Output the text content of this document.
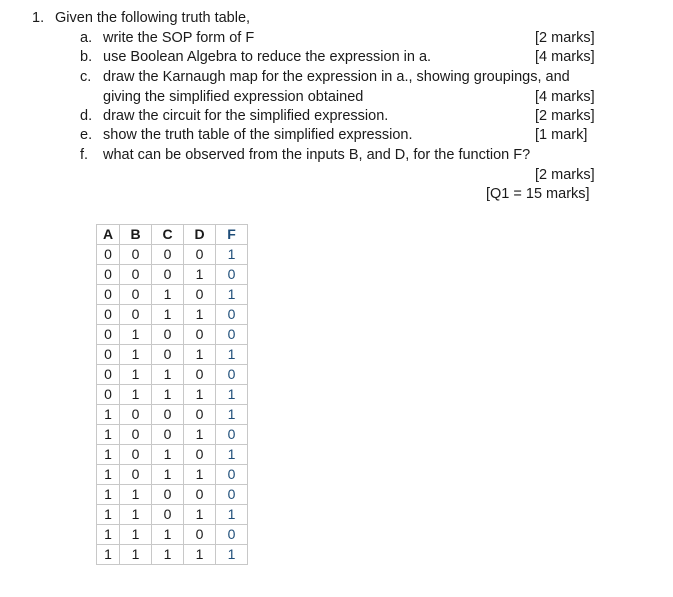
1. Given the following truth table,
a. write the SOP form of F	[2 marks]
b. use Boolean Algebra to reduce the expression in a.	[4 marks]
c. draw the Karnaugh map for the expression in a., showing groupings, and
giving the simplified expression obtained	[4 marks]
d. draw the circuit for the simplified expression.	[2 marks]
e. show the truth table of the simplified expression.	[1 mark]
f. what can be observed from the inputs B, and D, for the function F?
[2 marks]
[Q1 = 15 marks]
A	B	C	D	F
0	0	0	0	1
0	0	0	1	0
0	0	1	0	1
0	0	1	1	0
0	1	0	0	0
0	1	0	1	1
0	1	1	0	0
0	1	1	1	1
1	0	0	0	1
1	0	0	1	0
1	0	1	0	1
1	0	1	1	0
1	1	0	0	0
1	1	0	1	1
1	1	1	0	0
1	1	1	1	1
